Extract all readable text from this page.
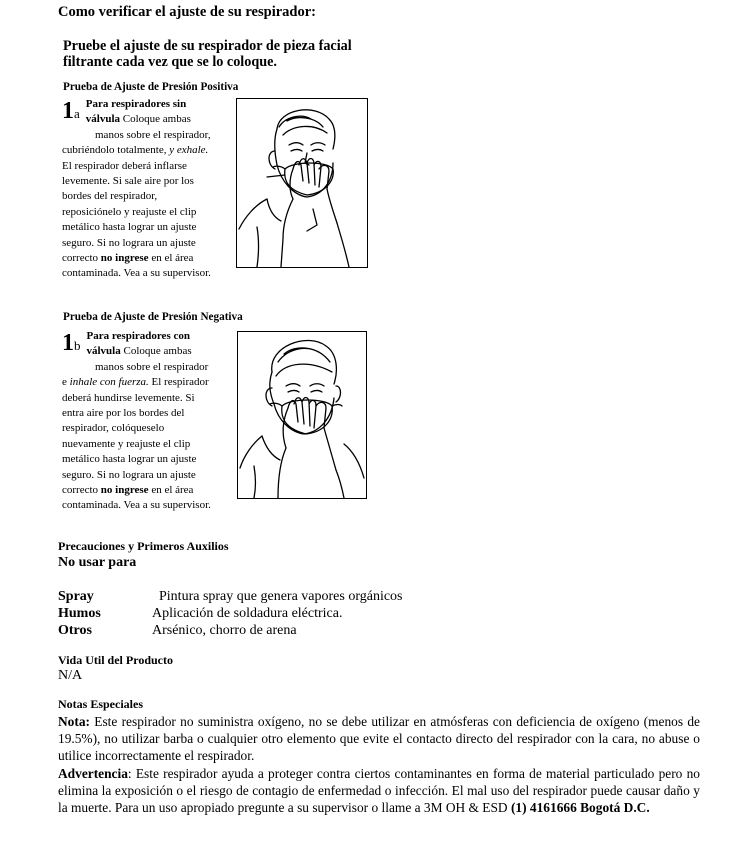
Como verificar el ajuste de su respirador:
Pruebe el ajuste de su respirador de pieza facial filtrante cada vez que se lo coloque.
Prueba de Ajuste de Presión Positiva
1a
Para respiradores sin
válvula Coloque ambas
manos sobre el respirador,
cubriéndolo totalmente, y exhale.
El respirador deberá inflarse
levemente. Si sale aire por los
bordes del respirador,
reposiciónelo y reajuste el clip
metálico hasta lograr un ajuste
seguro. Si no lograra un ajuste
correcto no ingrese en el área
contaminada. Vea a su supervisor.
Prueba de Ajuste de Presión Negativa
1b
Para respiradores con
válvula Coloque ambas
manos sobre el respirador
e inhale con fuerza. El respirador
deberá hundirse levemente. Si
entra aire por los bordes del
respirador, colóqueselo
nuevamente y reajuste el clip
metálico hasta lograr un ajuste
seguro. Si no lograra un ajuste
correcto no ingrese en el área
contaminada. Vea a su supervisor.
Precauciones y Primeros Auxilios
No usar para
Spray	Pintura spray que genera vapores orgánicos
Humos	Aplicación de soldadura eléctrica.
Otros	Arsénico, chorro de arena
Vida Util del Producto
N/A
Notas Especiales
Nota: Este respirador no suministra oxígeno, no se debe utilizar en atmósferas con deficiencia de oxígeno (menos de 19.5%), no utilizar barba o cualquier otro elemento que evite el contacto directo del respirador con la cara, no abuse o utilice incorrectamente el respirador.
Advertencia: Este respirador ayuda a proteger contra ciertos contaminantes en forma de material particulado pero no elimina la exposición o el riesgo de contagio de enfermedad o infección. El mal uso del respirador puede causar daño y la muerte. Para un uso apropiado pregunte a su supervisor o llame a 3M OH & ESD (1) 4161666 Bogotá D.C.
